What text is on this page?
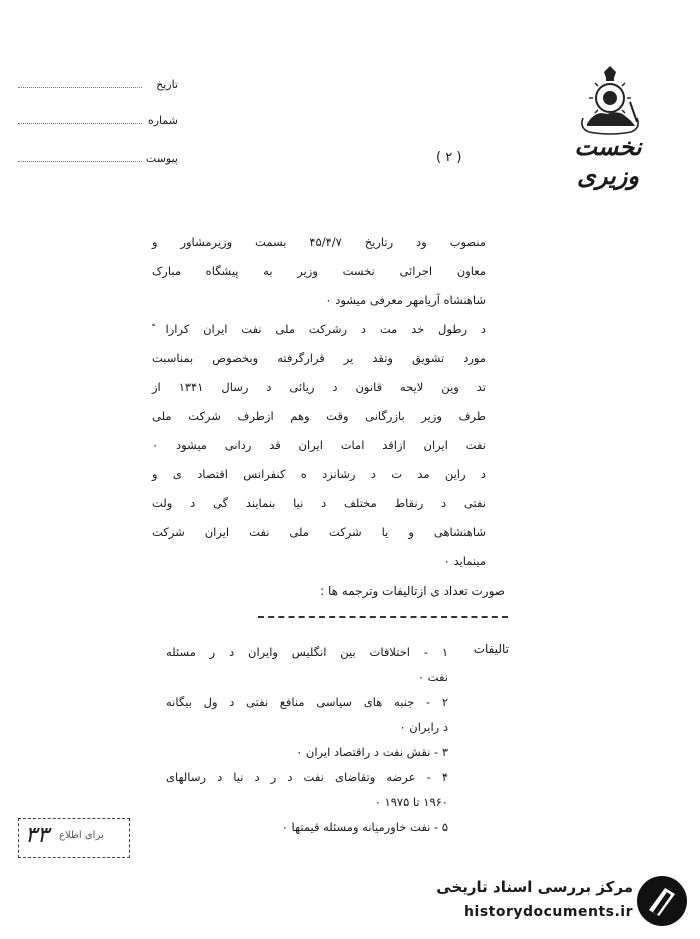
تاریخ
شماره
پیوست	( ٢ )	نخست وزیری
منصوب ود رتاریخ ۴۵/۴/۷ بسمت وزیرمشاور و
معاون اجرائی نخست وزیر به پیشگاه مبارک
شاهنشاه آریامهر معرفی میشود ٠
د رطول خد مت د رشرکت ملی نفت ایران کرارا ً
مورد تشویق وتقد یر قرارگرفته وبخصوص بمناسبت
تد وین لایحه قانون د ریائی د رسال ۱۳۴۱ از
طرف وزیر بازرگانی وقت وهم ازطرف شرکت ملی
نفت ایران ازاقد امات ایران قد ردانی میشود ٠
د راین مد ت د رشانزد ه کنفرانس اقتصاد ی و
نفتی د رنقاط مختلف د نیا بنمایند گی د ولت
شاهنشاهی و یا شرکت ملی نفت ایران شرکت
مینماید ٠
صورت تعداد ی ازتالیفات وترجمه ها :
تالیفات
۱ - اختلافات بین انگلیس وایران د ر مسئله
نفت ٠
۲ - جنبه های سیاسی منافع نفتی د ول بیگانه
د رایران ٠
۳ - نقش نفت د راقتصاد ایران ٠
۴ - عرضه وتقاضای نفت د ر د نیا د رسالهای
۱۹۶۰ تا ۱۹۷۵ ٠
۵ - نفت خاورمیانه ومسئله قیمتها ٠
۳۳ برای اطلاع
مرکز بررسی اسناد تاریخی
historydocuments.ir
